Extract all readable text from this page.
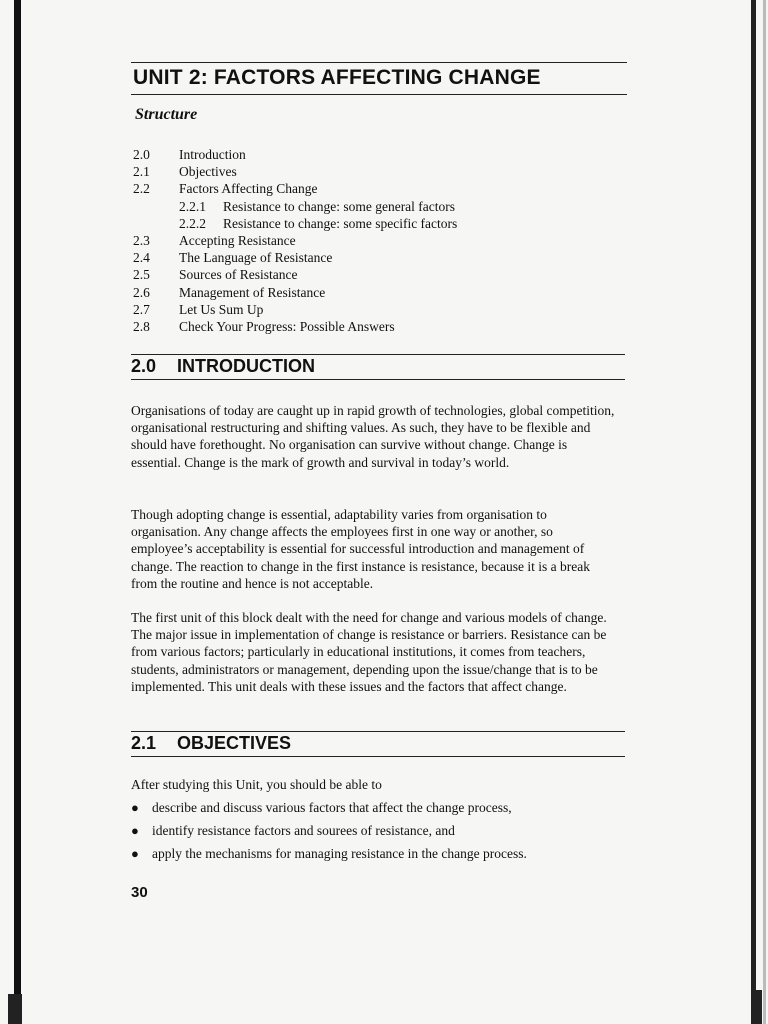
UNIT 2: FACTORS AFFECTING CHANGE
Structure
2.0	Introduction
2.1	Objectives
2.2	Factors Affecting Change
2.2.1	Resistance to change: some general factors
2.2.2	Resistance to change: some specific factors
2.3	Accepting Resistance
2.4	The Language of Resistance
2.5	Sources of Resistance
2.6	Management of Resistance
2.7	Let Us Sum Up
2.8	Check Your Progress: Possible Answers
2.0 INTRODUCTION

Organisations of today are caught up in rapid growth of technologies, global competition, organisational restructuring and shifting values. As such, they have to be flexible and should have forethought. No organisation can survive without change. Change is essential. Change is the mark of growth and survival in today’s world.

Though adopting change is essential, adaptability varies from organisation to organisation. Any change affects the employees first in one way or another, so employee’s acceptability is essential for successful introduction and management of change. The reaction to change in the first instance is resistance, because it is a break from the routine and hence is not acceptable.

The first unit of this block dealt with the need for change and various models of change. The major issue in implementation of change is resistance or barriers. Resistance can be from various factors; particularly in educational institutions, it comes from teachers, students, administrators or management, depending upon the issue/change that is to be implemented. This unit deals with these issues and the factors that affect change.

2.1 OBJECTIVES

After studying this Unit, you should be able to

● describe and discuss various factors that affect the change process,
● identify resistance factors and sourees of resistance, and
● apply the mechanisms for managing resistance in the change process.
30
